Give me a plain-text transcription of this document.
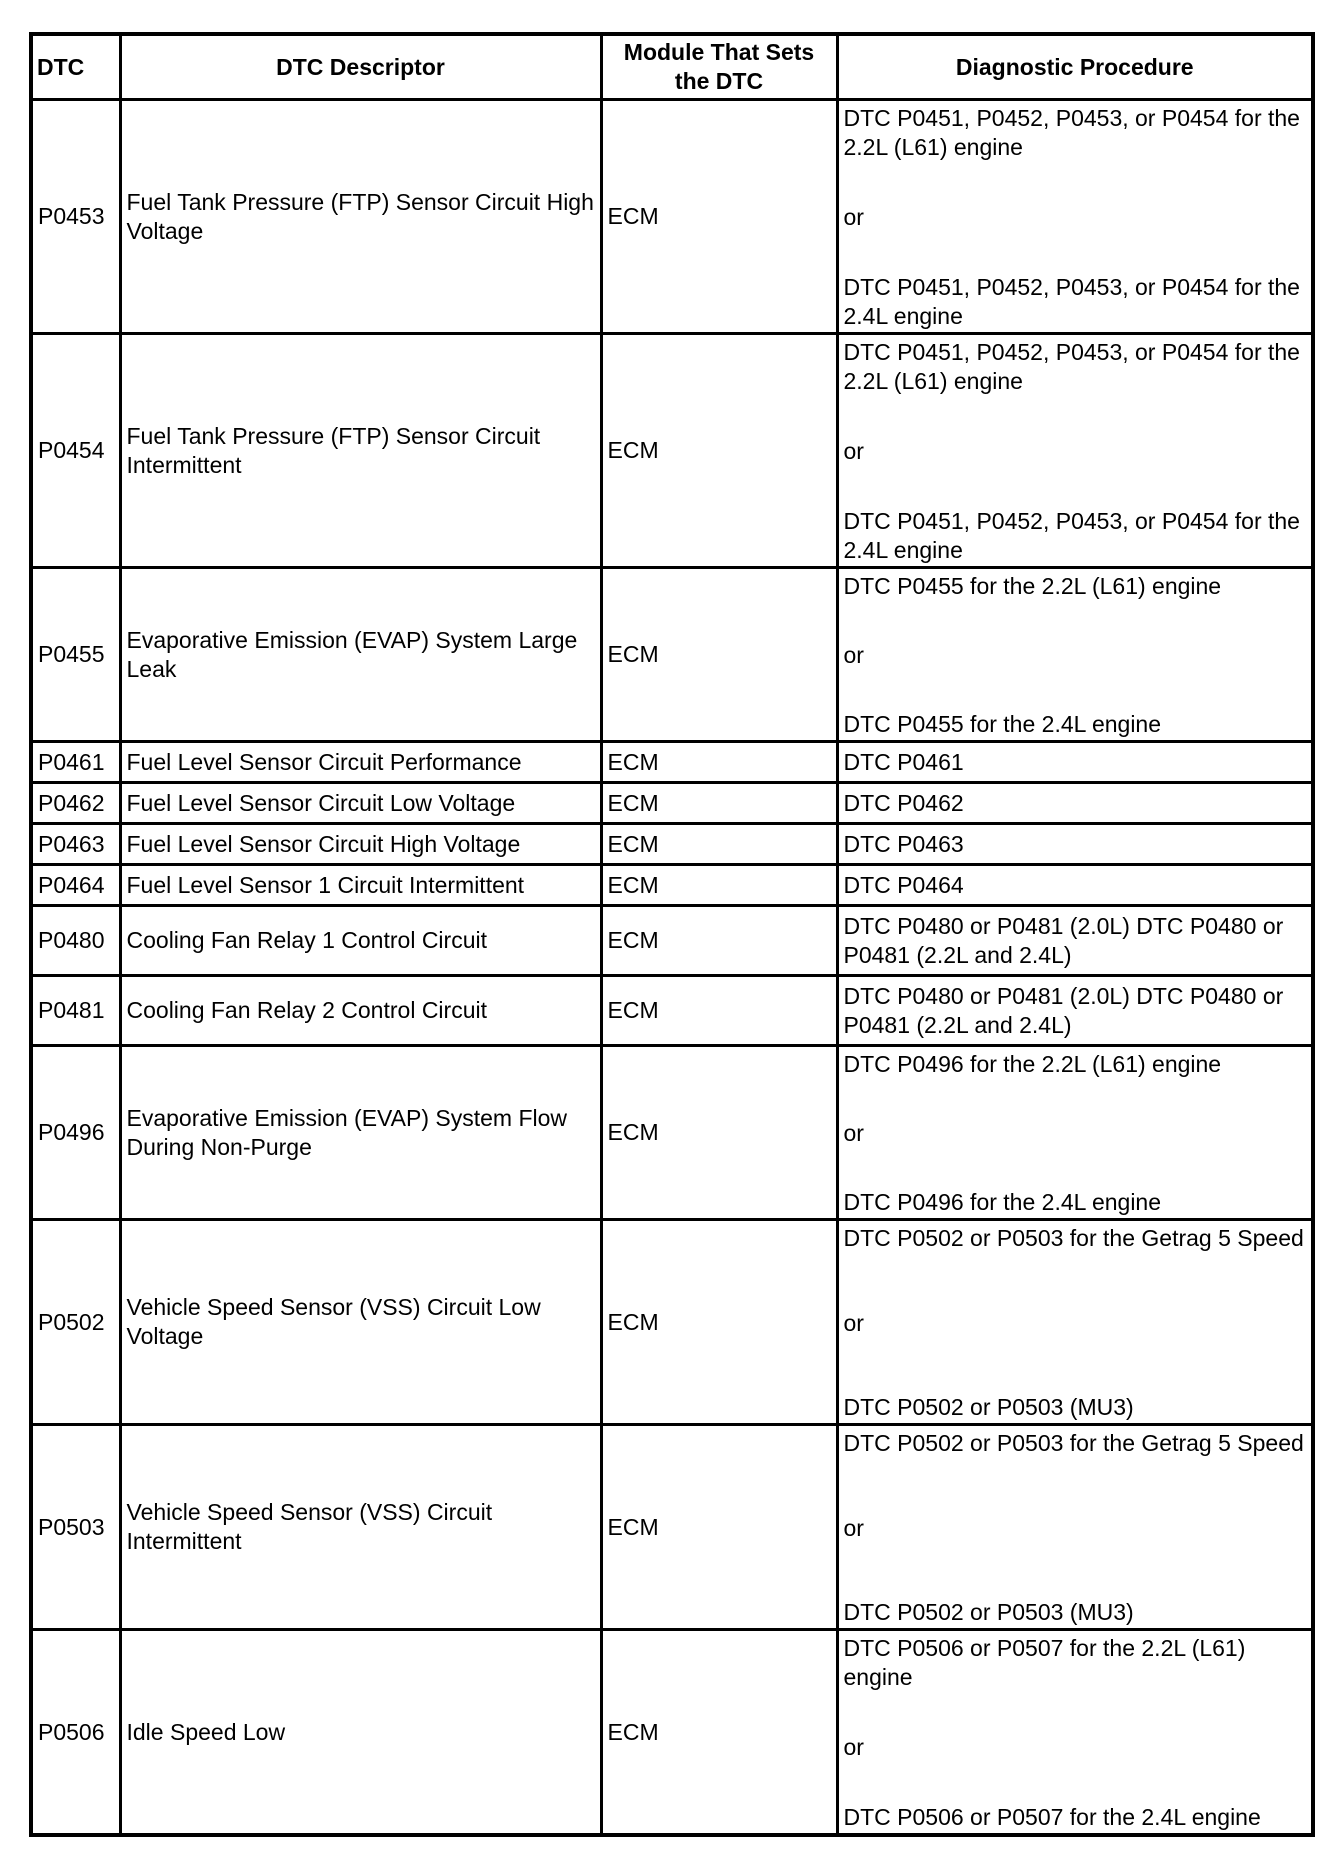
DTC	DTC Descriptor	Module That Sets the DTC	Diagnostic Procedure
P0453	Fuel Tank Pressure (FTP) Sensor Circuit High Voltage	ECM	DTC P0451, P0452, P0453, or P0454 for the 2.2L (L61) engine
or
DTC P0451, P0452, P0453, or P0454 for the 2.4L engine

P0454	Fuel Tank Pressure (FTP) Sensor Circuit Intermittent	ECM	DTC P0451, P0452, P0453, or P0454 for the 2.2L (L61) engine
or
DTC P0451, P0452, P0453, or P0454 for the 2.4L engine

P0455	Evaporative Emission (EVAP) System Large Leak	ECM	DTC P0455 for the 2.2L (L61) engine
or
DTC P0455 for the 2.4L engine

P0461	Fuel Level Sensor Circuit Performance	ECM	DTC P0461
P0462	Fuel Level Sensor Circuit Low Voltage	ECM	DTC P0462
P0463	Fuel Level Sensor Circuit High Voltage	ECM	DTC P0463
P0464	Fuel Level Sensor 1 Circuit Intermittent	ECM	DTC P0464
P0480	Cooling Fan Relay 1 Control Circuit	ECM	DTC P0480 or P0481 (2.0L) DTC P0480 or P0481 (2.2L and 2.4L)
P0481	Cooling Fan Relay 2 Control Circuit	ECM	DTC P0480 or P0481 (2.0L) DTC P0480 or P0481 (2.2L and 2.4L)
P0496	Evaporative Emission (EVAP) System Flow During Non-Purge	ECM	DTC P0496 for the 2.2L (L61) engine
or
DTC P0496 for the 2.4L engine

P0502	Vehicle Speed Sensor (VSS) Circuit Low Voltage	ECM	DTC P0502 or P0503 for the Getrag 5 Speed
or
DTC P0502 or P0503 (MU3)

P0503	Vehicle Speed Sensor (VSS) Circuit Intermittent	ECM	DTC P0502 or P0503 for the Getrag 5 Speed
or
DTC P0502 or P0503 (MU3)

P0506	Idle Speed Low	ECM	DTC P0506 or P0507 for the 2.2L (L61) engine
or
DTC P0506 or P0507 for the 2.4L engine
